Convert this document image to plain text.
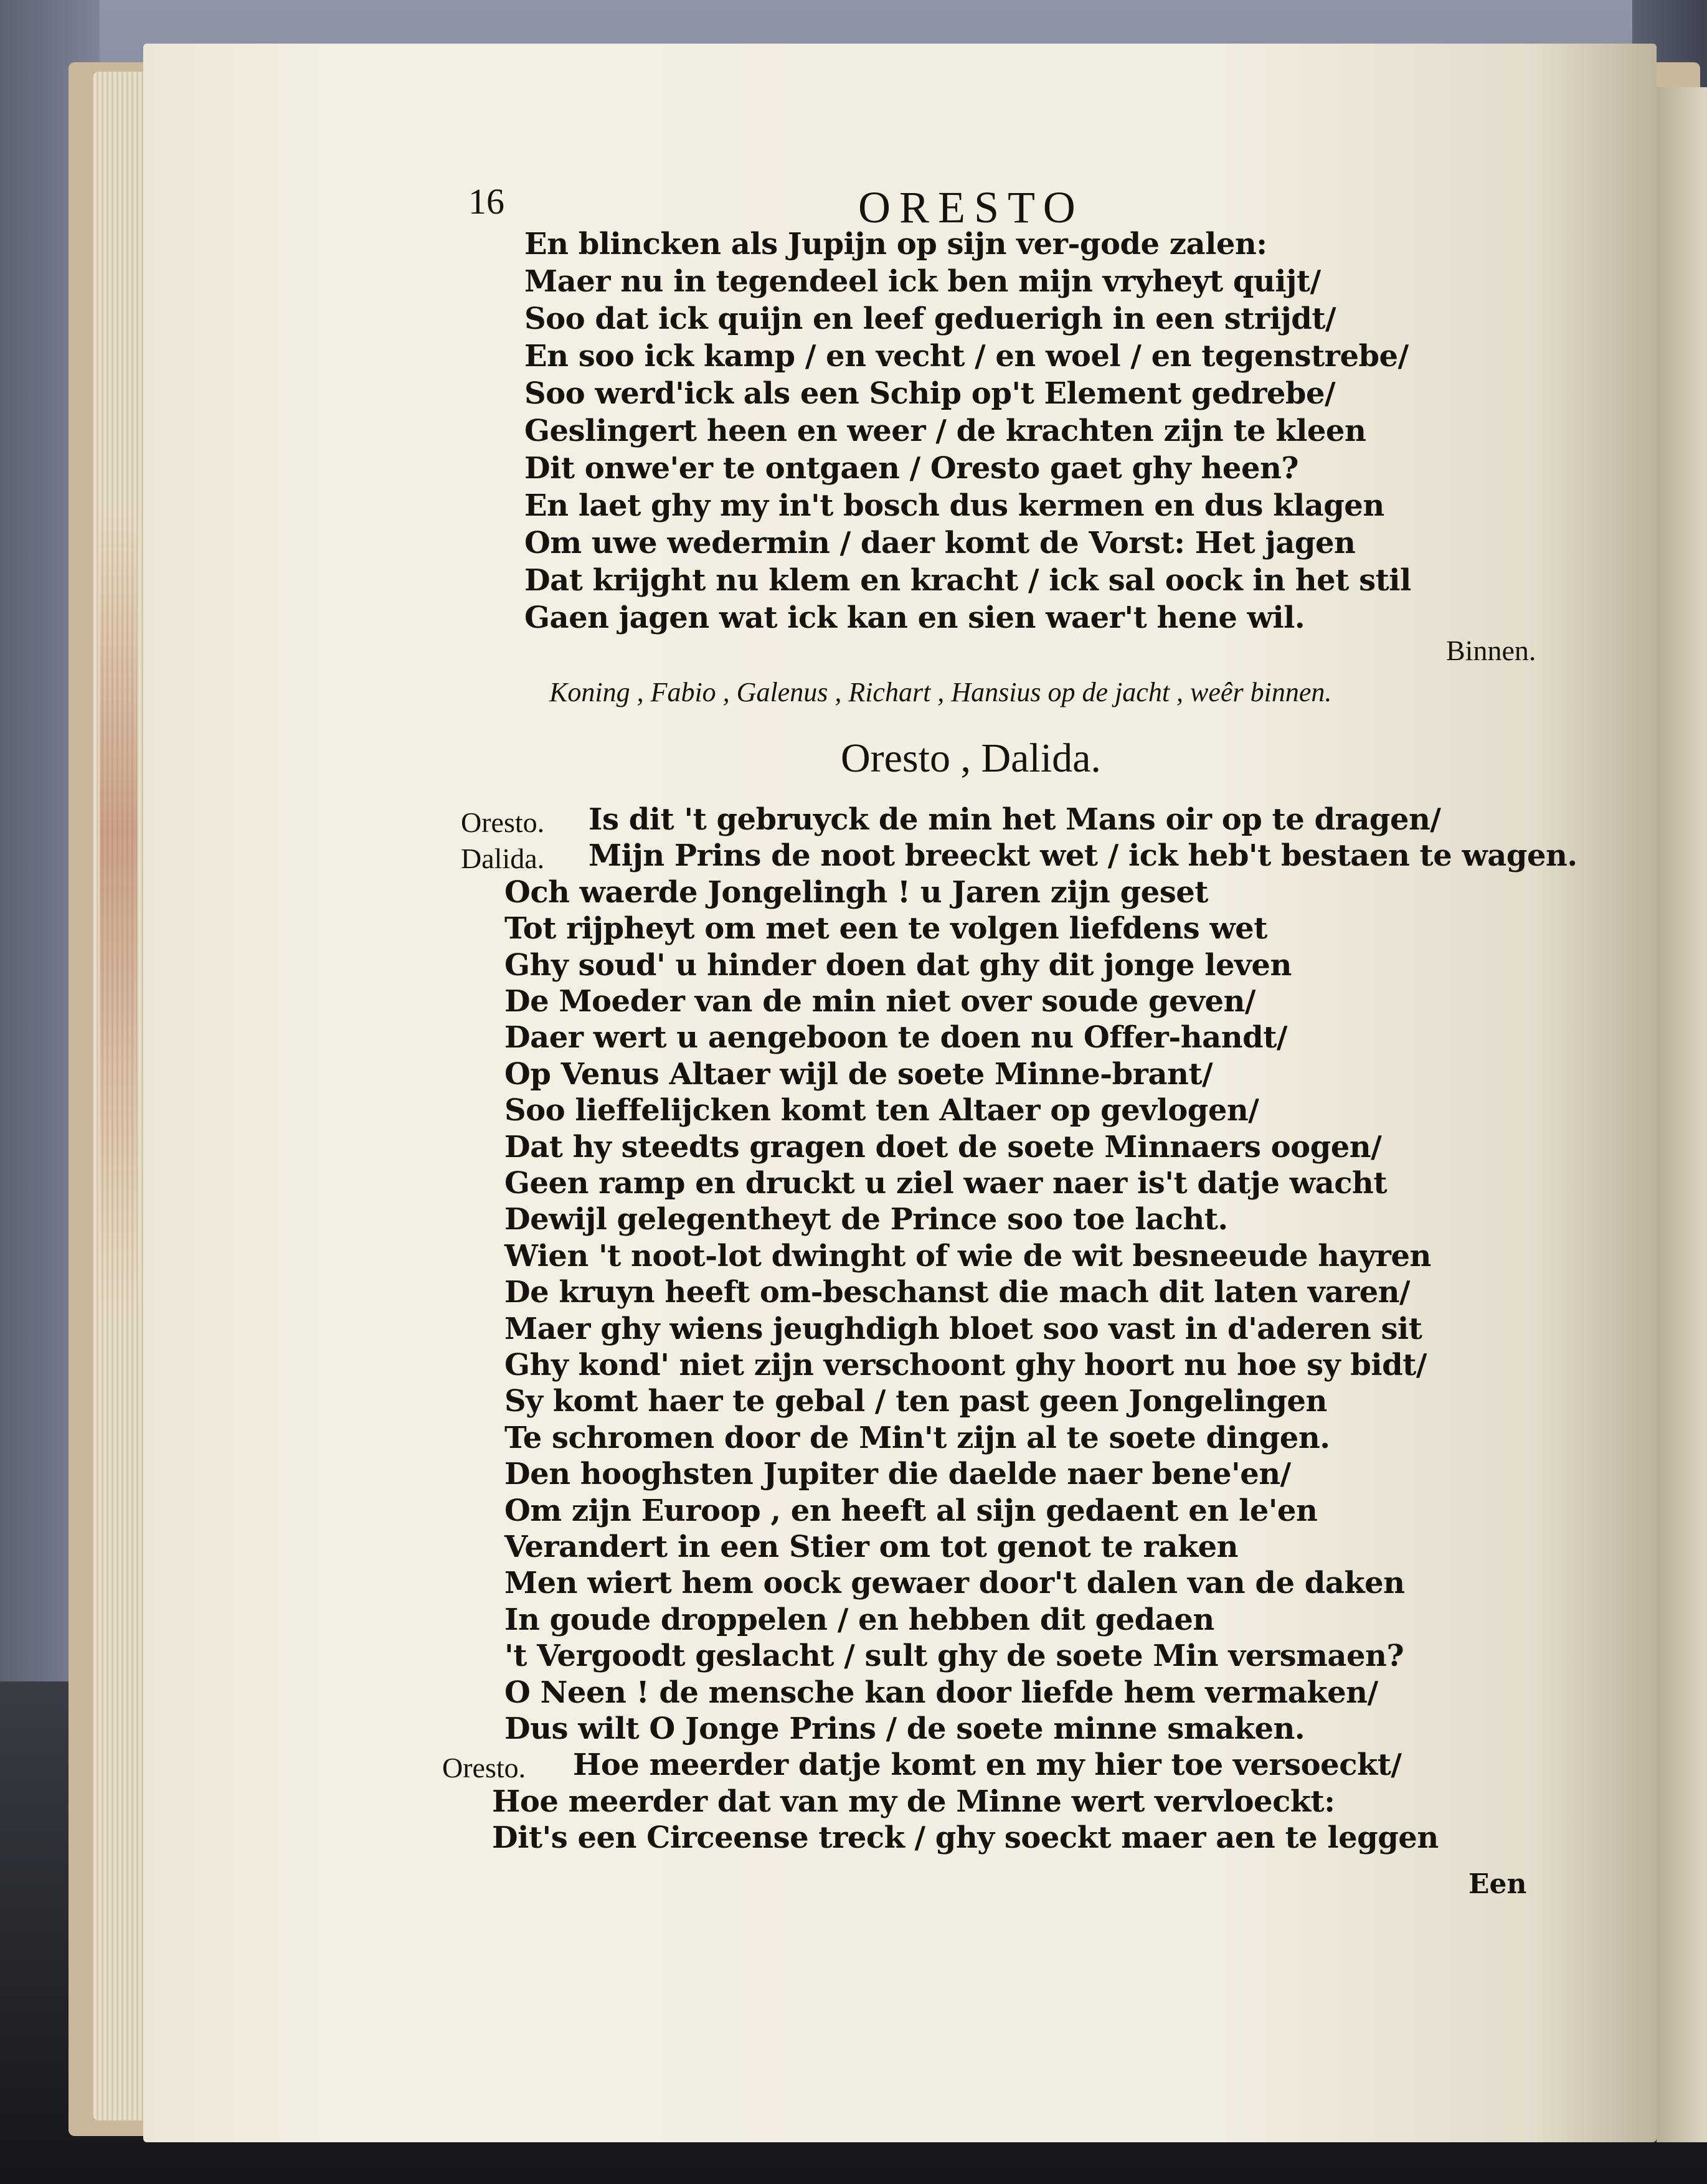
16	ORESTO
En blincken als Jupijn op sijn ver-gode zalen:
Maer nu in tegendeel ick ben mijn vryheyt quijt/
Soo dat ick quijn en leef geduerigh in een strijdt/
En soo ick kamp / en vecht / en woel / en tegenstrebe/
Soo werd'ick als een Schip op't Element gedrebe/
Geslingert heen en weer / de krachten zijn te kleen
Dit onwe'er te ontgaen / Oresto gaet ghy heen?
En laet ghy my in't bosch dus kermen en dus klagen
Om uwe wedermin / daer komt de Vorst: Het jagen
Dat krijght nu klem en kracht / ick sal oock in het stil
Gaen jagen wat ick kan en sien waer't hene wil.
Binnen.
Koning , Fabio , Galenus , Richart , Hansius op de jacht , weêr binnen.
Oresto , Dalida.
Oresto. Is dit 't gebruyck de min het Mans oir op te dragen/
Dalida. Mijn Prins de noot breeckt wet / ick heb't bestaen te wagen.
Och waerde Jongelingh ! u Jaren zijn geset
Tot rijpheyt om met een te volgen liefdens wet
Ghy soud' u hinder doen dat ghy dit jonge leven
De Moeder van de min niet over soude geven/
Daer wert u aengeboon te doen nu Offer-handt/
Op Venus Altaer wijl de soete Minne-brant/
Soo lieffelijcken komt ten Altaer op gevlogen/
Dat hy steedts gragen doet de soete Minnaers oogen/
Geen ramp en druckt u ziel waer naer is't datje wacht
Dewijl gelegentheyt de Prince soo toe lacht.
Wien 't noot-lot dwinght of wie de wit besneeude hayren
De kruyn heeft om-beschanst die mach dit laten varen/
Maer ghy wiens jeughdigh bloet soo vast in d'aderen sit
Ghy kond' niet zijn verschoont ghy hoort nu hoe sy bidt/
Sy komt haer te gebal / ten past geen Jongelingen
Te schromen door de Min't zijn al te soete dingen.
Den hooghsten Jupiter die daelde naer bene'en/
Om zijn Euroop , en heeft al sijn gedaent en le'en
Verandert in een Stier om tot genot te raken
Men wiert hem oock gewaer door't dalen van de daken
In goude droppelen / en hebben dit gedaen
't Vergoodt geslacht / sult ghy de soete Min versmaen?
O Neen ! de mensche kan door liefde hem vermaken/
Dus wilt O Jonge Prins / de soete minne smaken.
Oresto. Hoe meerder datje komt en my hier toe versoeckt/
Hoe meerder dat van my de Minne wert vervloeckt:
Dit's een Circeense treck / ghy soeckt maer aen te leggen
Een
